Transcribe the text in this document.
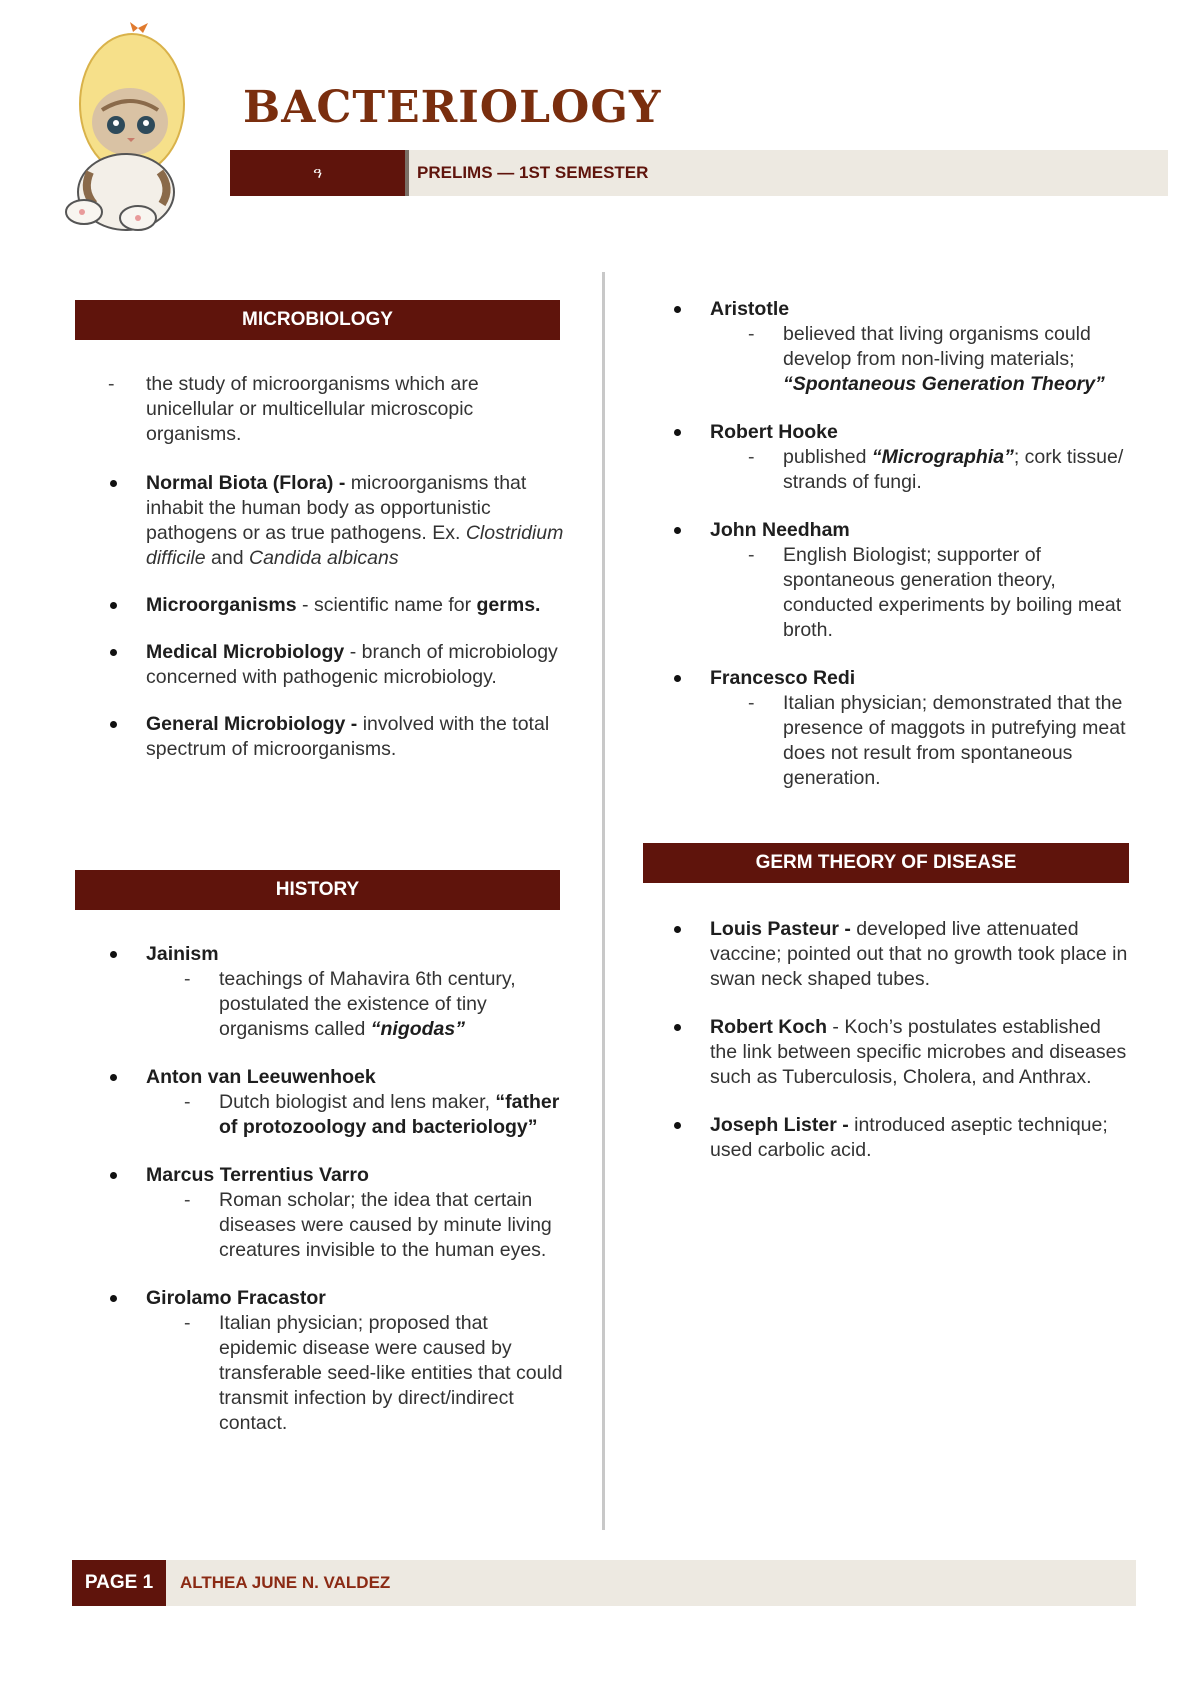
BACTERIOLOGY
ዓ	PRELIMS — 1ST SEMESTER
MICROBIOLOGY
- the study of microorganisms which are unicellular or multicellular microscopic organisms.

Normal Biota (Flora) - microorganisms that inhabit the human body as opportunistic pathogens or as true pathogens. Ex. Clostridium difficile and Candida albicans

Microorganisms - scientific name for germs.

Medical Microbiology - branch of microbiology concerned with pathogenic microbiology.

General Microbiology - involved with the total spectrum of microorganisms.

HISTORY

Jainism

- teachings of Mahavira 6th century, postulated the existence of tiny organisms called “nigodas”

Anton van Leeuwenhoek

- Dutch biologist and lens maker, “father of protozoology and bacteriology”

Marcus Terrentius Varro

- Roman scholar; the idea that certain diseases were caused by minute living creatures invisible to the human eyes.

Girolamo Fracastor

- Italian physician; proposed that epidemic disease were caused by transferable seed-like entities that could transmit infection by direct/indirect contact.

Aristotle

- believed that living organisms could develop from non-living materials; “Spontaneous Generation Theory”

Robert Hooke

- published “Micrographia”; cork tissue/ strands of fungi.

John Needham

- English Biologist; supporter of spontaneous generation theory, conducted experiments by boiling meat broth.

Francesco Redi

- Italian physician; demonstrated that the presence of maggots in putrefying meat does not result from spontaneous generation.

GERM THEORY OF DISEASE

Louis Pasteur - developed live attenuated vaccine; pointed out that no growth took place in swan neck shaped tubes.

Robert Koch - Koch’s postulates established the link between specific microbes and diseases such as Tuberculosis, Cholera, and Anthrax.

Joseph Lister - introduced aseptic technique; used carbolic acid.

PAGE 1	ALTHEA JUNE N. VALDEZ
